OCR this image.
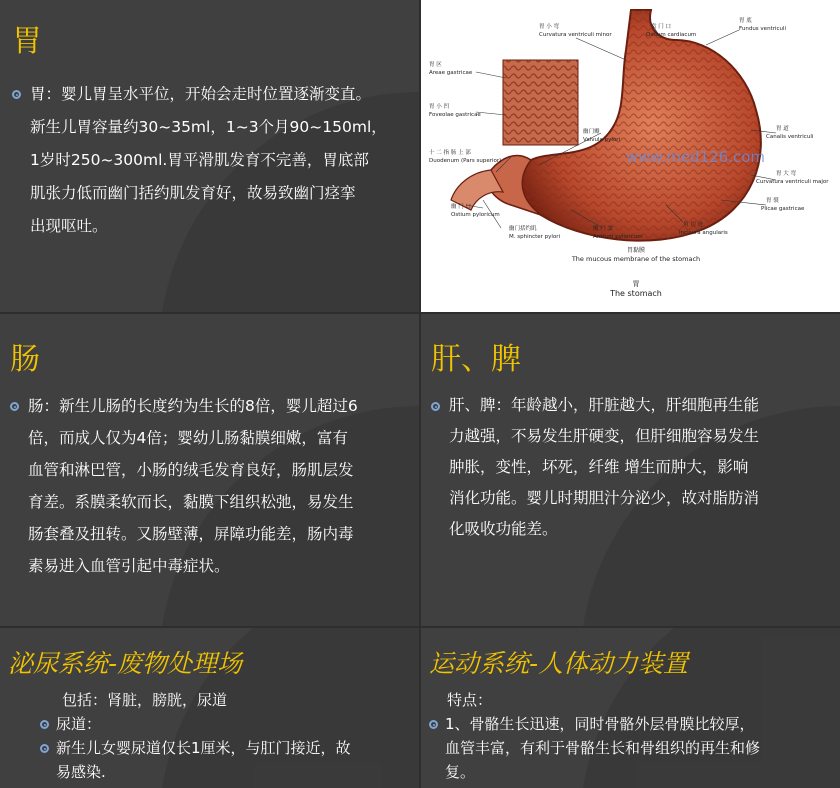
胃
胃：婴儿胃呈水平位，开始会走时位置逐渐变直。
新生儿胃容量约30~35ml，1~3个月90~150ml，
1岁时250~300ml.胃平滑肌发育不完善，胃底部
肌张力低而幽门括约肌发育好，故易致幽门痉挛
出现呕吐。
胃 小 弯
Curvatura ventriculi minor
贲 门 口
Ostium cardiacum
胃 底
Fundus ventriculi
胃 区
Areae gastricae
胃 小 凹
Foveolae gastricae
幽门瓣
Valvula pylori
十 二 指 肠 上 部
Duodenum (Pars superior)
胃 道
Canalis ventriculi
胃 大 弯
Curvatura ventriculi major
胃 襞
Plicae gastricae
幽 门 口
Ostium pyloricum
幽门括约肌
M. sphincter pylori
幽 门 窦
Antrum pyloricum
角 切 迹
Incisura angularis
胃黏膜
The mucous membrane of the stomach
胃
The stomach
www.med126.com
肠
肠：新生儿肠的长度约为生长的8倍，婴儿超过6
倍，而成人仅为4倍；婴幼儿肠黏膜细嫩，富有
血管和淋巴管，小肠的绒毛发育良好，肠肌层发
育差。系膜柔软而长，黏膜下组织松弛，易发生
肠套叠及扭转。又肠壁薄，屏障功能差，肠内毒
素易进入血管引起中毒症状。
肝、脾
肝、脾：年龄越小，肝脏越大，肝细胞再生能
力越强，不易发生肝硬变，但肝细胞容易发生
肿胀，变性，坏死，纤维 增生而肿大，影响
消化功能。婴儿时期胆汁分泌少，故对脂肪消
化吸收功能差。
泌尿系统-废物处理场
包括：肾脏，膀胱，尿道
尿道：
新生儿女婴尿道仅长1厘米，与肛门接近，故
易感染.
运动系统-人体动力装置
特点：
1、骨骼生长迅速，同时骨骼外层骨膜比较厚，
血管丰富，有利于骨骼生长和骨组织的再生和修
复。
